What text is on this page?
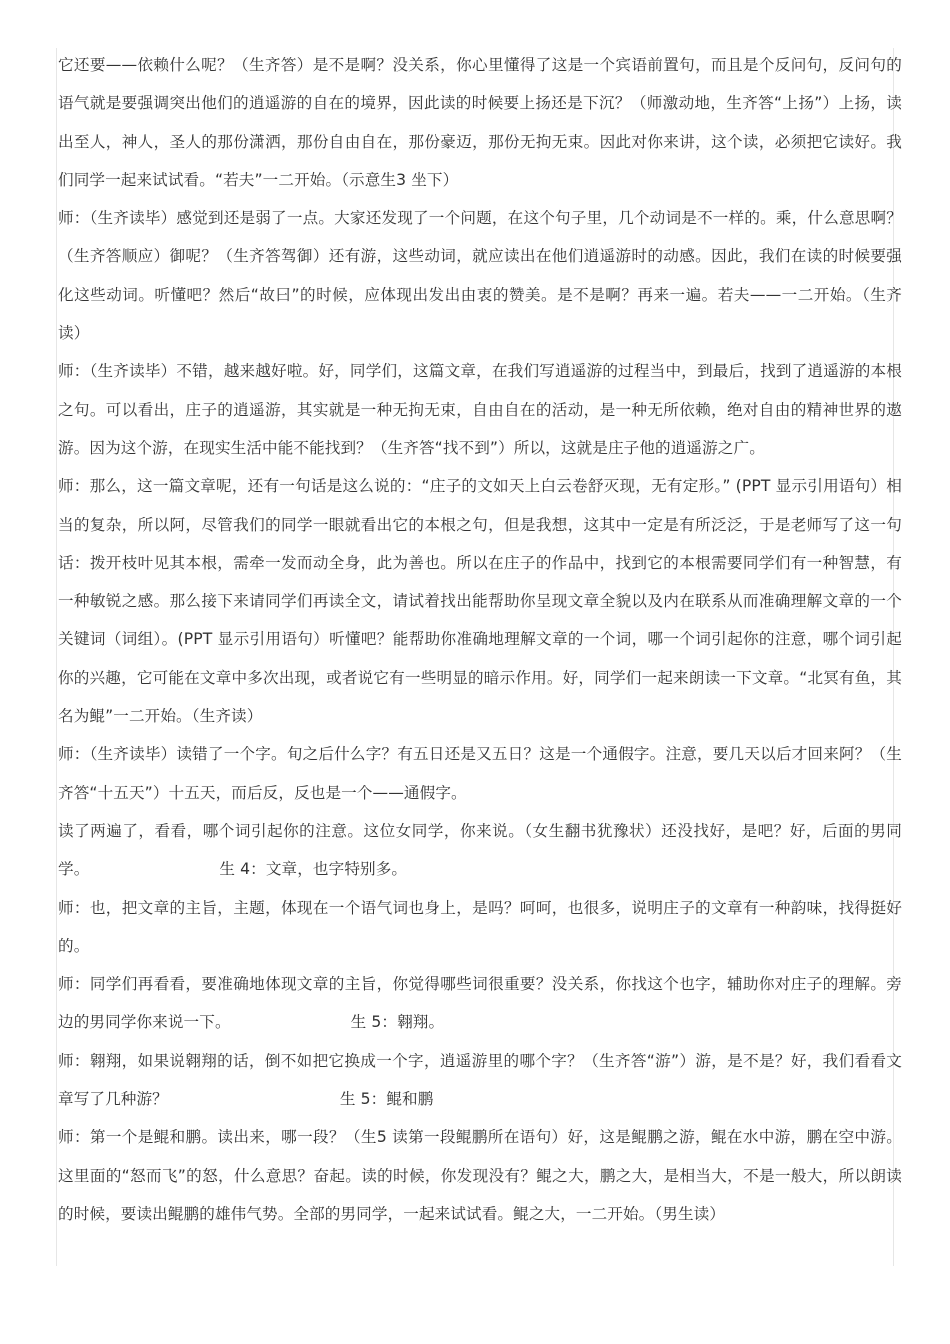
它还要——依赖什么呢？（生齐答）是不是啊？没关系，你心里懂得了这是一个宾语前置句，而且是个反问句，反问句的语气就是要强调突出他们的逍遥游的自在的境界，因此读的时候要上扬还是下沉？（师激动地，生齐答“上扬”）上扬，读出至人，神人，圣人的那份潇洒，那份自由自在，那份豪迈，那份无拘无束。因此对你来讲，这个读，必须把它读好。我们同学一起来试试看。“若夫”一二开始。（示意生3 坐下）

师：（生齐读毕）感觉到还是弱了一点。大家还发现了一个问题，在这个句子里，几个动词是不一样的。乘，什么意思啊？（生齐答顺应）御呢？（生齐答驾御）还有游，这些动词，就应读出在他们逍遥游时的动感。因此，我们在读的时候要强化这些动词。听懂吧？然后“故曰”的时候，应体现出发出由衷的赞美。是不是啊？再来一遍。若夫——一二开始。（生齐读）

师：（生齐读毕）不错，越来越好啦。好，同学们，这篇文章，在我们写逍遥游的过程当中，到最后，找到了逍遥游的本根之句。可以看出，庄子的逍遥游，其实就是一种无拘无束，自由自在的活动，是一种无所依赖，绝对自由的精神世界的遨游。因为这个游，在现实生活中能不能找到？（生齐答“找不到”）所以，这就是庄子他的逍遥游之广。

师：那么，这一篇文章呢，还有一句话是这么说的：“庄子的文如天上白云卷舒灭现，无有定形。” (PPT 显示引用语句）相当的复杂，所以阿，尽管我们的同学一眼就看出它的本根之句，但是我想，这其中一定是有所泛泛，于是老师写了这一句话：拨开枝叶见其本根，需牵一发而动全身，此为善也。所以在庄子的作品中，找到它的本根需要同学们有一种智慧，有一种敏锐之感。那么接下来请同学们再读全文，请试着找出能帮助你呈现文章全貌以及内在联系从而准确理解文章的一个关键词（词组）。(PPT 显示引用语句）听懂吧？能帮助你准确地理解文章的一个词，哪一个词引起你的注意，哪个词引起你的兴趣，它可能在文章中多次出现，或者说它有一些明显的暗示作用。好，同学们一起来朗读一下文章。“北冥有鱼，其名为鲲”一二开始。（生齐读）

师：（生齐读毕）读错了一个字。旬之后什么字？有五日还是又五日？这是一个通假字。注意，要几天以后才回来阿？（生齐答“十五天”）十五天，而后反，反也是一个——通假字。

读了两遍了，看看，哪个词引起你的注意。这位女同学，你来说。（女生翻书犹豫状）还没找好，是吧？好，后面的男同学。	生 4：文章，也字特别多。

师：也，把文章的主旨，主题，体现在一个语气词也身上，是吗？呵呵，也很多，说明庄子的文章有一种韵味，找得挺好的。

师：同学们再看看，要准确地体现文章的主旨，你觉得哪些词很重要？没关系，你找这个也字，辅助你对庄子的理解。旁边的男同学你来说一下。	生 5：翱翔。

师：翱翔，如果说翱翔的话，倒不如把它换成一个字，逍遥游里的哪个字？（生齐答“游”）游，是不是？好，我们看看文章写了几种游？	生 5：鲲和鹏

师：第一个是鲲和鹏。读出来，哪一段？（生5 读第一段鲲鹏所在语句）好，这是鲲鹏之游，鲲在水中游，鹏在空中游。这里面的“怒而飞”的怒，什么意思？奋起。读的时候，你发现没有？鲲之大，鹏之大，是相当大，不是一般大，所以朗读的时候，要读出鲲鹏的雄伟气势。全部的男同学，一起来试试看。鲲之大，一二开始。（男生读）
